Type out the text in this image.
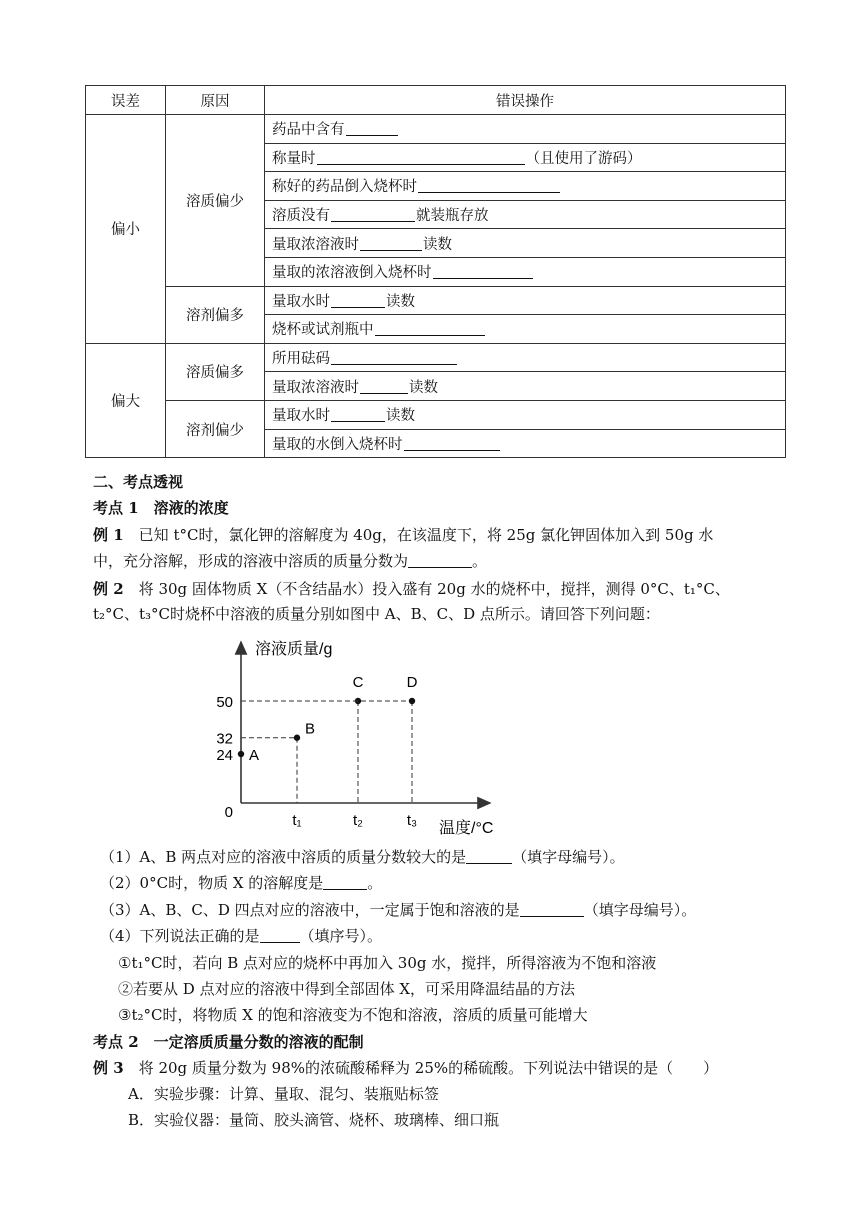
误差	原因	错误操作
偏小	溶质偏少	药品中含有
		称量时 （且使用了游码）
		称好的药品倒入烧杯时
		溶质没有 就装瓶存放
		量取浓溶液时 读数
		量取的浓溶液倒入烧杯时
	溶剂偏多	量取水时 读数
		烧杯或试剂瓶中
偏大	溶质偏多	所用砝码
		量取浓溶液时 读数
	溶剂偏少	量取水时 读数
		量取的水倒入烧杯时
二、考点透视
考点 1　溶液的浓度
例 1　已知 t°C时，氯化钾的溶解度为 40g，在该温度下，将 25g 氯化钾固体加入到 50g 水
中，充分溶解，形成的溶液中溶质的质量分数为	。
例 2　将 30g 固体物质 X（不含结晶水）投入盛有 20g 水的烧杯中，搅拌，测得 0°C、t₁°C、
t₂°C、t₃°C时烧杯中溶液的质量分别如图中 A、B、C、D 点所示。请回答下列问题：
溶液质量/g
温度/°C
0
24
32
50
t₁	t₂	t₃
A
B
C	D
（1）A、B 两点对应的溶液中溶质的质量分数较大的是	（填字母编号）。
（2）0°C时，物质 X 的溶解度是	。
（3）A、B、C、D 四点对应的溶液中，一定属于饱和溶液的是	（填字母编号）。
（4）下列说法正确的是	（填序号）。
①t₁°C时，若向 B 点对应的烧杯中再加入 30g 水，搅拌，所得溶液为不饱和溶液
②若要从 D 点对应的溶液中得到全部固体 X，可采用降温结晶的方法
③t₂°C时，将物质 X 的饱和溶液变为不饱和溶液，溶质的质量可能增大
考点 2　一定溶质质量分数的溶液的配制
例 3　将 20g 质量分数为 98%的浓硫酸稀释为 25%的稀硫酸。下列说法中错误的是（　　）
A．实验步骤：计算、量取、混匀、装瓶贴标签
B．实验仪器：量筒、胶头滴管、烧杯、玻璃棒、细口瓶
